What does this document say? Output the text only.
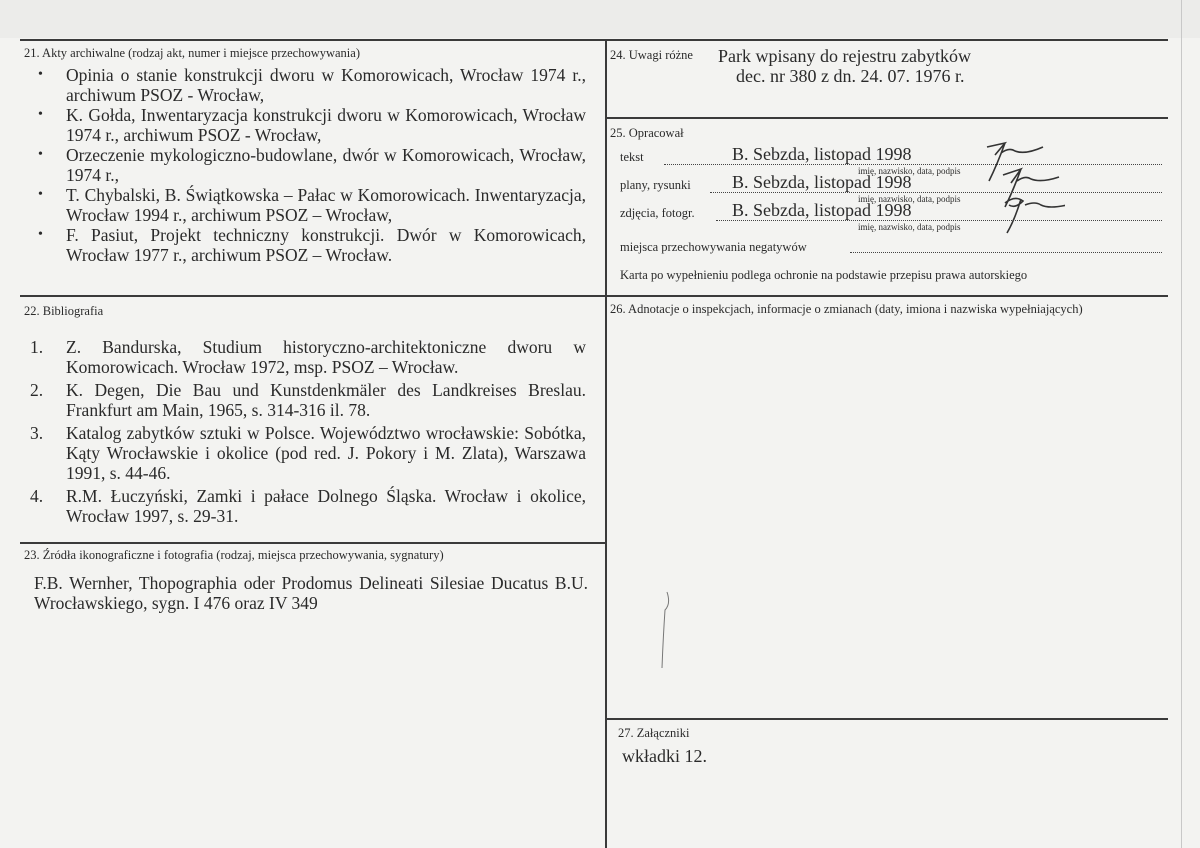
21. Akty archiwalne (rodzaj akt, numer i miejsce przechowywania)
• Opinia o stanie konstrukcji dworu w Komorowicach, Wrocław 1974 r., archiwum PSOZ - Wrocław,
• K. Gołda, Inwentaryzacja konstrukcji dworu w Komorowicach, Wrocław 1974 r., archiwum PSOZ - Wrocław,
• Orzeczenie mykologiczno-budowlane, dwór w Komorowicach, Wrocław, 1974 r.,
• T. Chybalski, B. Świątkowska – Pałac w Komorowicach. Inwentaryzacja, Wrocław 1994 r., archiwum PSOZ – Wrocław,
• F. Pasiut, Projekt techniczny konstrukcji. Dwór w Komorowicach, Wrocław 1977 r., archiwum PSOZ – Wrocław.
22. Bibliografia
1. Z. Bandurska, Studium historyczno-architektoniczne dworu w Komorowicach. Wrocław 1972, msp. PSOZ – Wrocław.
2. K. Degen, Die Bau und Kunstdenkmäler des Landkreises Breslau. Frankfurt am Main, 1965, s. 314-316 il. 78.
3. Katalog zabytków sztuki w Polsce. Województwo wrocławskie: Sobótka, Kąty Wrocławskie i okolice (pod red. J. Pokory i M. Zlata), Warszawa 1991, s. 44-46.
4. R.M. Łuczyński, Zamki i pałace Dolnego Śląska. Wrocław i okolice, Wrocław 1997, s. 29-31.
23. Źródła ikonograficzne i fotografia (rodzaj, miejsca przechowywania, sygnatury)
F.B. Wernher, Thopographia oder Prodomus Delineati Silesiae Ducatus B.U. Wrocławskiego, sygn. I 476 oraz IV 349
24. Uwagi różne Park wpisany do rejestru zabytków
dec. nr 380 z dn. 24. 07. 1976 r.
25. Opracował
tekst	B. Sebzda, listopad 1998
imię, nazwisko, data, podpis
plany, rysunki B. Sebzda, listopad 1998
imię, nazwisko, data, podpis
zdjęcia, fotogr. B. Sebzda, listopad 1998
imię, nazwisko, data, podpis
miejsca przechowywania negatywów
Karta po wypełnieniu podlega ochronie na podstawie przepisu prawa autorskiego
26. Adnotacje o inspekcjach, informacje o zmianach (daty, imiona i nazwiska wypełniających)
27. Załączniki
wkładki 12.
